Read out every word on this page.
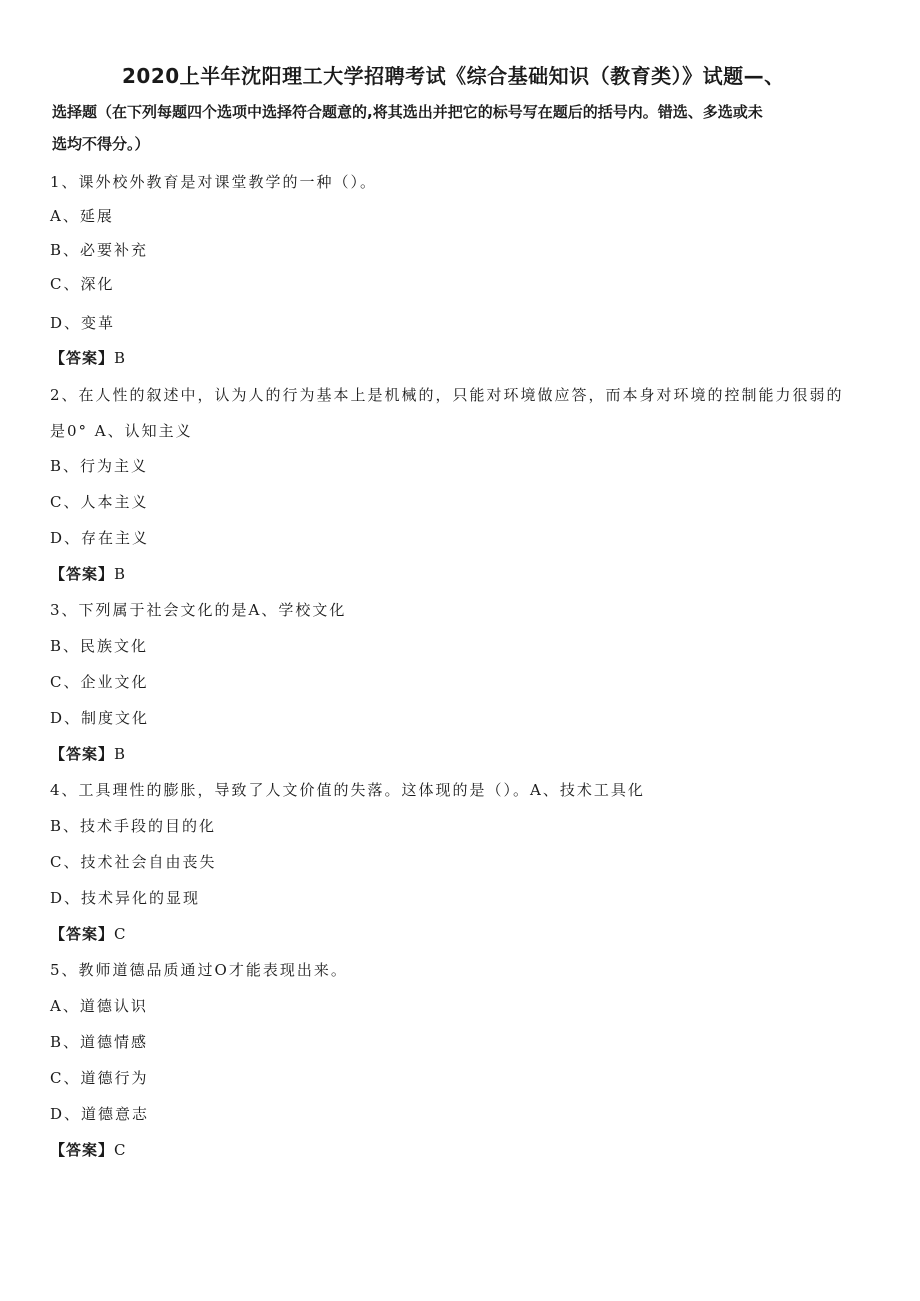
2020上半年沈阳理工大学招聘考试《综合基础知识（教育类）》试题—、
选择题（在下列每题四个选项中选择符合题意的,将其选出并把它的标号写在题后的括号内。错选、多选或未
选均不得分。）
1、课外校外教育是对课堂教学的一种（）。
A、延展
B、必要补充
C、深化
D、变革
【答案】B
2、在人性的叙述中，认为人的行为基本上是机械的，只能对环境做应答，而本身对环境的控制能力很弱的
是0° A、认知主义
B、行为主义
C、人本主义
D、存在主义
【答案】B
3、下列属于社会文化的是A、学校文化
B、民族文化
C、企业文化
D、制度文化
【答案】B
4、工具理性的膨胀，导致了人文价值的失落。这体现的是（）。A、技术工具化
B、技术手段的目的化
C、技术社会自由丧失
D、技术异化的显现
【答案】C
5、教师道德品质通过O才能表现出来。
A、道德认识
B、道德情感
C、道德行为
D、道德意志
【答案】C
